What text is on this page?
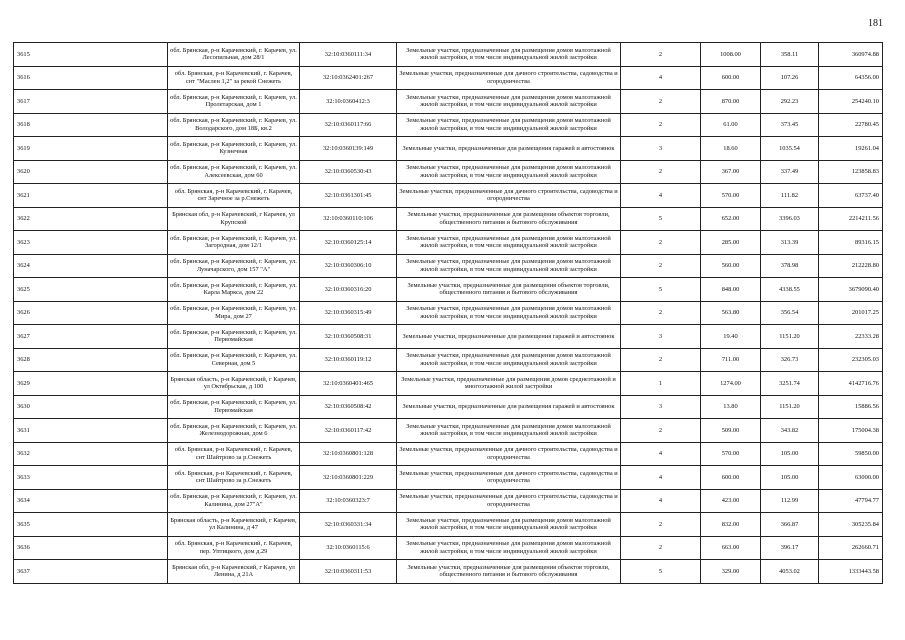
181
3615	обл. Брянская, р-н Карачевский, г. Карачев, ул. Лесопильная, дом 28/1	32:10:0360111:34	Земельные участки, предназначенные для размещения домов малоэтажной жилой застройки, в том числе индивидуальной жилой застройки	2	1008.00	358.11	360974.88
3616	обл. Брянская, р-н Карачевский, г. Карачев, снт "Маслен 1,2" за рекой Снежеть	32:10:0362401:267	Земельные участки, предназначенные для дачного строительства, садоводства и огородничества	4	600.00	107.26	64356.00
3617	обл. Брянская, р-н Карачевский, г. Карачев, ул. Пролетарская, дом 1	32:10:0360412:3	Земельные участки, предназначенные для размещения домов малоэтажной жилой застройки, в том числе индивидуальной жилой застройки	2	870.00	292.23	254240.10
3618	обл. Брянская, р-н Карачевский, г. Карачев, ул. Володарского, дом 18Б, кв.2	32:10:0360117:66	Земельные участки, предназначенные для размещения домов малоэтажной жилой застройки, в том числе индивидуальной жилой застройки	2	61.00	373.45	22780.45
3619	обл. Брянская, р-н Карачевский, г. Карачев, ул. Кузнечная	32:10:0360139:149	Земельные участки, предназначенные для размещения гаражей и автостоянок	3	18.60	1035.54	19261.04
3620	обл. Брянская, р-н Карачевский, г. Карачев, ул. Алексеевская, дом 60	32:10:0360530:43	Земельные участки, предназначенные для размещения домов малоэтажной жилой застройки, в том числе индивидуальной жилой застройки	2	367.00	337.49	123858.83
3621	обл. Брянская, р-н Карачевский, г. Карачев, снт Заречное за р.Снежеть	32:10:0361301:45	Земельные участки, предназначенные для дачного строительства, садоводства и огородничества	4	570.00	111.82	63737.40
3622	Брянская обл, р-н Карачевский, г Карачев, ул Крупской	32:10:0360110:106	Земельные участки, предназначенные для размещения объектов торговли, общественного питания и бытового обслуживания	5	652.00	3396.03	2214211.56
3623	обл. Брянская, р-н Карачевский, г. Карачев, ул. Загородная, дом 12/1	32:10:0360125:14	Земельные участки, предназначенные для размещения домов малоэтажной жилой застройки, в том числе индивидуальной жилой застройки	2	285.00	313.39	89316.15
3624	обл. Брянская, р-н Карачевский, г. Карачев, ул. Луначарского, дом 157 "А"	32:10:0360306:10	Земельные участки, предназначенные для размещения домов малоэтажной жилой застройки, в том числе индивидуальной жилой застройки	2	560.00	378.98	212228.80
3625	обл. Брянская, р-н Карачевский, г. Карачев, ул. Карла Маркса, дом 22	32:10:0360316:20	Земельные участки, предназначенные для размещения объектов торговли, общественного питания и бытового обслуживания	5	848.00	4338.55	3679090.40
3626	обл. Брянская, р-н Карачевский, г. Карачев, ул. Мира, дом 27	32:10:0360315:49	Земельные участки, предназначенные для размещения домов малоэтажной жилой застройки, в том числе индивидуальной жилой застройки	2	563.80	356.54	201017.25
3627	обл. Брянская, р-н Карачевский, г. Карачев, ул. Первомайская	32:10:0360508:31	Земельные участки, предназначенные для размещения гаражей и автостоянок	3	19.40	1151.20	22333.28
3628	обл. Брянская, р-н Карачевский, г. Карачев, ул. Северная, дом 5	32:10:0360119:12	Земельные участки, предназначенные для размещения домов малоэтажной жилой застройки, в том числе индивидуальной жилой застройки	2	711.00	326.73	232305.03
3629	Брянская область, р-н Карачевский, г Карачев, ул Октябрьская, д 100	32:10:0360401:465	Земельные участки, предназначенные для размещения домов среднеэтажной и многоэтажной жилой застройки	1	1274.00	3251.74	4142716.76
3630	обл. Брянская, р-н Карачевский, г. Карачев, ул. Первомайская	32:10:0360508:42	Земельные участки, предназначенные для размещения гаражей и автостоянок	3	13.80	1151.20	15886.56
3631	обл. Брянская, р-н Карачевский, г. Карачев, ул. Железнодорожная, дом 6	32:10:0360117:42	Земельные участки, предназначенные для размещения домов малоэтажной жилой застройки, в том числе индивидуальной жилой застройки	2	509.00	343.82	175004.38
3632	обл. Брянская, р-н Карачевский, г. Карачев, снт Шайтрово за р.Снежеть	32:10:0360801:128	Земельные участки, предназначенные для дачного строительства, садоводства и огородничества	4	570.00	105.00	59850.00
3633	обл. Брянская, р-н Карачевский, г. Карачев, снт Шайтрово за р.Снежеть	32:10:0360801:229	Земельные участки, предназначенные для дачного строительства, садоводства и огородничества	4	600.00	105.00	63000.00
3634	обл. Брянская, р-н Карачевский, г. Карачев, ул. Калинина, дом 27"А"	32:10:0360323:7	Земельные участки, предназначенные для дачного строительства, садоводства и огородничества	4	423.00	112.99	47794.77
3635	Брянская область, р-н Карачевский, г Карачев, ул Калинина, д 47	32:10:0360331:34	Земельные участки, предназначенные для размещения домов малоэтажной жилой застройки, в том числе индивидуальной жилой застройки	2	832.00	366.87	305235.84
3636	обл. Брянская, р-н Карачевский, г. Карачев, пер. Уптицкого, дом д.29	32:10:0360115:6	Земельные участки, предназначенные для размещения домов малоэтажной жилой застройки, в том числе индивидуальной жилой застройки	2	663.00	396.17	262660.71
3637	Брянская обл, р-н Карачевский, г Карачев, ул Ленина, д 21А	32:10:0360311:53	Земельные участки, предназначенные для размещения объектов торговли, общественного питания и бытового обслуживания	5	329.00	4053.02	1333443.58
